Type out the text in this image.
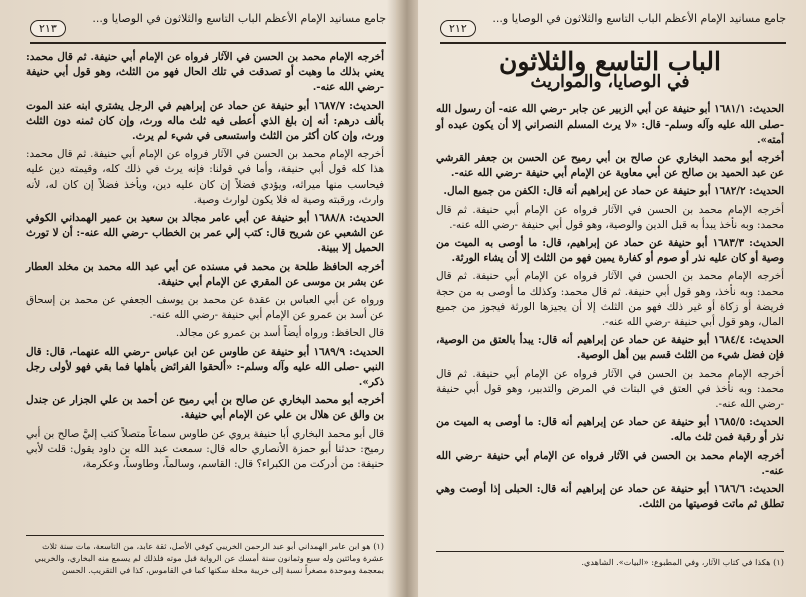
جامع مسانيد الإمام الأعظم الباب التاسع والثلاثون في الوصايا و...
٢١٣

أخرجه الإمام محمد بن الحسن في الآثار فرواه عن الإمام أبي حنيفة. ثم قال محمد: يعني بذلك ما وهبت أو تصدقت في تلك الحال فهو من الثلث، وهو قول أبي حنيفة -رضي الله عنه-.

الحديث: ١٦٨٧/٧ أبو حنيفة عن حماد عن إبراهيم في الرجل يشتري ابنه عند الموت بألف درهم: أنه إن بلغ الذي أعطى فيه ثلث ماله ورث، وإن كان ثمنه دون الثلث ورث، وإن كان أكثر من الثلث واستسعى في شيء لم يرث.

أخرجه الإمام محمد بن الحسن في الآثار فرواه عن الإمام أبي حنيفة. ثم قال محمد: هذا كله قول أبي حنيفة، وأما في قولنا: فإنه يرث في ذلك كله، وقيمته دين عليه فيحاسب منها ميراثه، ويؤدي فضلاً إن كان عليه دين، ويأخذ فضلاً إن كان له، لأنه وارث، ورقبته وصية له فلا يكون لوارث وصية.

الحديث: ١٦٨٨/٨ أبو حنيفة عن أبي عامر مجالد بن سعيد بن عمير الهمداني الكوفي عن الشعبي عن شريح قال: كتب إلي عمر بن الخطاب -رضي الله عنه-: أن لا تورث الحميل إلا ببينة.

أخرجه الحافظ طلحة بن محمد في مسنده عن أبي عبد الله محمد بن مخلد العطار عن بشر بن موسى عن المقري عن الإمام أبي حنيفة.

ورواه عن أبي العباس بن عقدة عن محمد بن يوسف الجعفي عن محمد بن إسحاق عن أسد بن عمرو عن الإمام أبي حنيفة -رضي الله عنه-.

قال الحافظ: ورواه أيضاً أسد بن عمرو عن مجالد.

الحديث: ١٦٨٩/٩ أبو حنيفة عن طاوس عن ابن عباس -رضي الله عنهما-، قال: قال النبي -صلى الله عليه وآله وسلم-: «ألحقوا الفرائض بأهلها فما بقي فهو لأولى رجل ذكر».

أخرجه أبو محمد البخاري عن صالح بن أبي رميح عن أحمد بن علي الجزار عن جندل بن والق عن هلال بن علي عن الإمام أبي حنيفة.

قال أبو محمد البخاري أبا حنيفة يروي عن طاوس سماعاً متصلاً كتب إليَّ صالح بن أبي رميح: حدثنا أبو حمزة الأنصاري حاله قال: سمعت عبد الله بن داود يقول: قلت لأبي حنيفة: من أدركت من الكبراء؟ قال: القاسم، وسالماً، وطاوساً، وعكرمة،

(١) هو ابن عامر الهمداني أبو عبد الرحمن الخريبي كوفي الأصل، ثقة عابد، من التاسعة، مات سنة ثلاث عشرة ومائتين وله سبع وثمانون سنة أمسك عن الرواية قبل موته فلذلك لم يسمع منه البخاري، والخريبي بمعجمة وموحدة مصغراً نسبة إلى خريبة محلة سكنها كما في القاموس، كذا في التقريب. الحسن
جامع مسانيد الإمام الأعظم الباب التاسع والثلاثون في الوصايا و...
٢١٢
الباب التاسع والثلاثون
في الوصايا، والمواريث

الحديث: ١٦٨١/١ أبو حنيفة عن أبي الزبير عن جابر -رضي الله عنه- أن رسول الله -صلى الله عليه وآله وسلم- قال: «لا يرث المسلم النصراني إلا أن يكون عبده أو أمته».

أخرجه أبو محمد البخاري عن صالح بن أبي رميح عن الحسن بن جعفر القرشي عن عبد الحميد بن صالح عن أبي معاوية عن الإمام أبي حنيفة -رضي الله عنه-.

الحديث: ١٦٨٢/٢ أبو حنيفة عن حماد عن إبراهيم أنه قال: الكفن من جميع المال.

أخرجه الإمام محمد بن الحسن في الآثار فرواه عن الإمام أبي حنيفة. ثم قال محمد: وبه نأخذ يبدأ به قبل الدين والوصية، وهو قول أبي حنيفة -رضي الله عنه-.

الحديث: ١٦٨٣/٣ أبو حنيفة عن حماد عن إبراهيم، قال: ما أوصى به الميت من وصية أو كان عليه نذر أو صوم أو كفارة يمين فهو من الثلث إلا أن يشاء الورثة.

أخرجه الإمام محمد بن الحسن في الآثار فرواه عن الإمام أبي حنيفة. ثم قال محمد: وبه نأخذ، وهو قول أبي حنيفة. ثم قال محمد: وكذلك ما أوصى به من حجة فريضة أو زكاة أو غير ذلك فهو من الثلث إلا أن يجيزها الورثة فيجوز من جميع المال، وهو قول أبي حنيفة -رضي الله عنه-.

الحديث: ١٦٨٤/٤ أبو حنيفة عن حماد عن إبراهيم أنه قال: يبدأ بالعتق من الوصية، فإن فضل شيء من الثلث قسم بين أهل الوصية.

أخرجه الإمام محمد بن الحسن في الآثار فرواه عن الإمام أبي حنيفة. ثم قال محمد: وبه نأخذ في العتق في البتات في المرض والتدبير، وهو قول أبي حنيفة -رضي الله عنه-.

الحديث: ١٦٨٥/٥ أبو حنيفة عن حماد عن إبراهيم أنه قال: ما أوصى به الميت من نذر أو رقبة فمن ثلث ماله.

أخرجه الإمام محمد بن الحسن في الآثار فرواه عن الإمام أبي حنيفة -رضي الله عنه-.

الحديث: ١٦٨٦/٦ أبو حنيفة عن حماد عن إبراهيم أنه قال: الحبلى إذا أوصت وهي تطلق ثم ماتت فوصيتها من الثلث.

(١) هكذا في كتاب الآثار، وفي المطبوع: «البيات». الشاهدي.
